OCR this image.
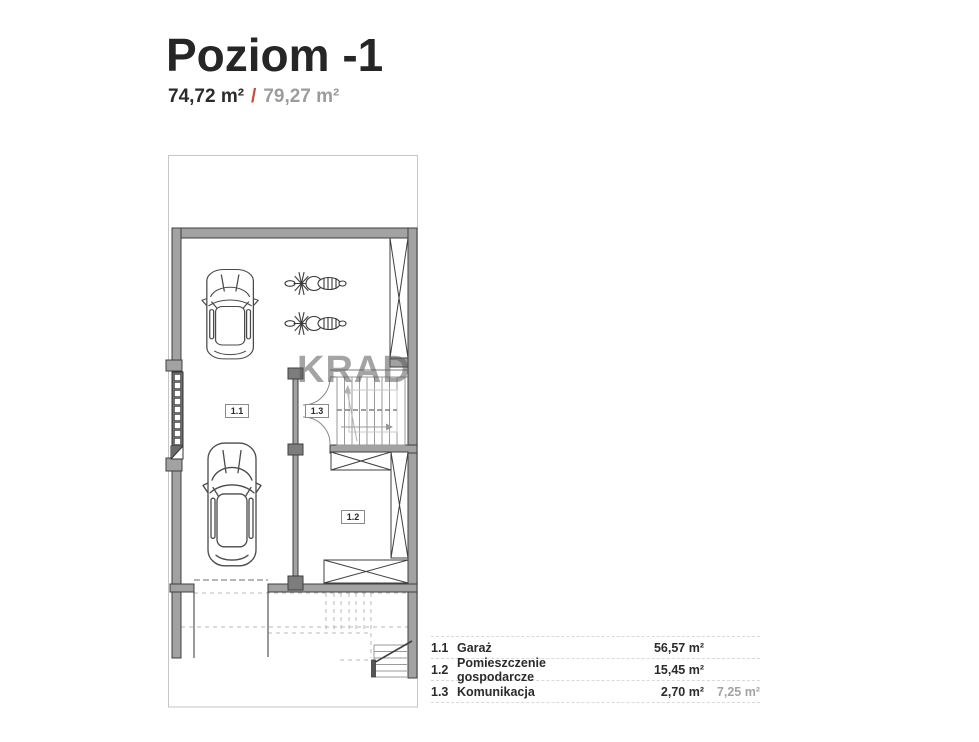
Poziom -1
74,72 m² / 79,27 m²
KRAD
1.1
1.2
1.3
1.1 Garaż	56,57 m²
1.2 Pomieszczenie gospodarcze	15,45 m²
1.3 Komunikacja	2,70 m²	7,25 m²
